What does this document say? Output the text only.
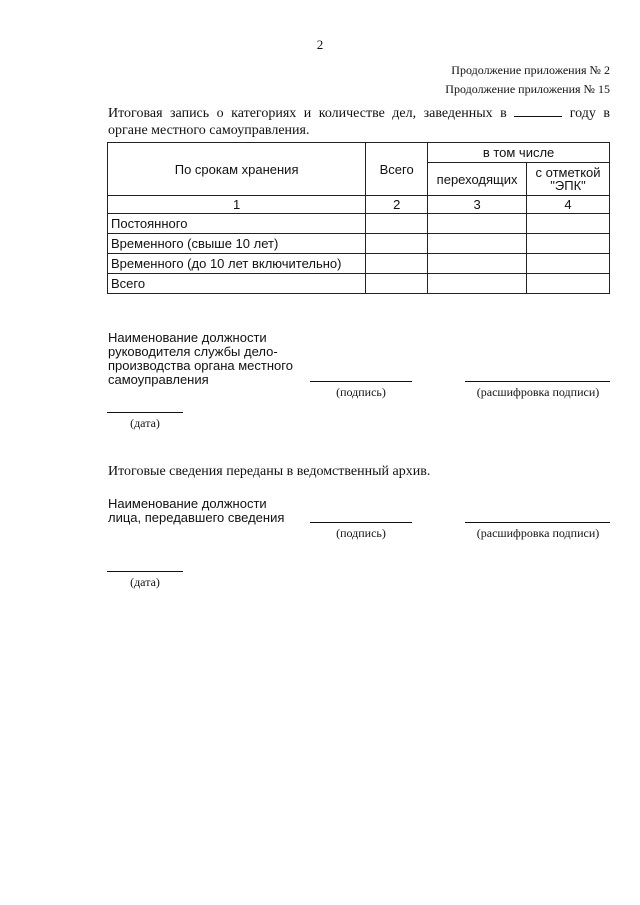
2
Продолжение приложения № 2
Продолжение приложения № 15
Итоговая запись о категориях и количестве дел, заведенных в	году в
органе местного самоуправления.
По срокам хранения	Всего	в том числе	
		переходящих	с отметкой
"ЭПК"
1	2	3	4
Постоянного			
Временного (свыше 10 лет)			
Временного (до 10 лет включительно)			
Всего			
Наименование должности
руководителя службы дело-
производства органа местного
самоуправления
(подпись)	(расшифровка подписи)
(дата)
Итоговые сведения переданы в ведомственный архив.
Наименование должности
лица, передавшего сведения
(подпись)	(расшифровка подписи)
(дата)
